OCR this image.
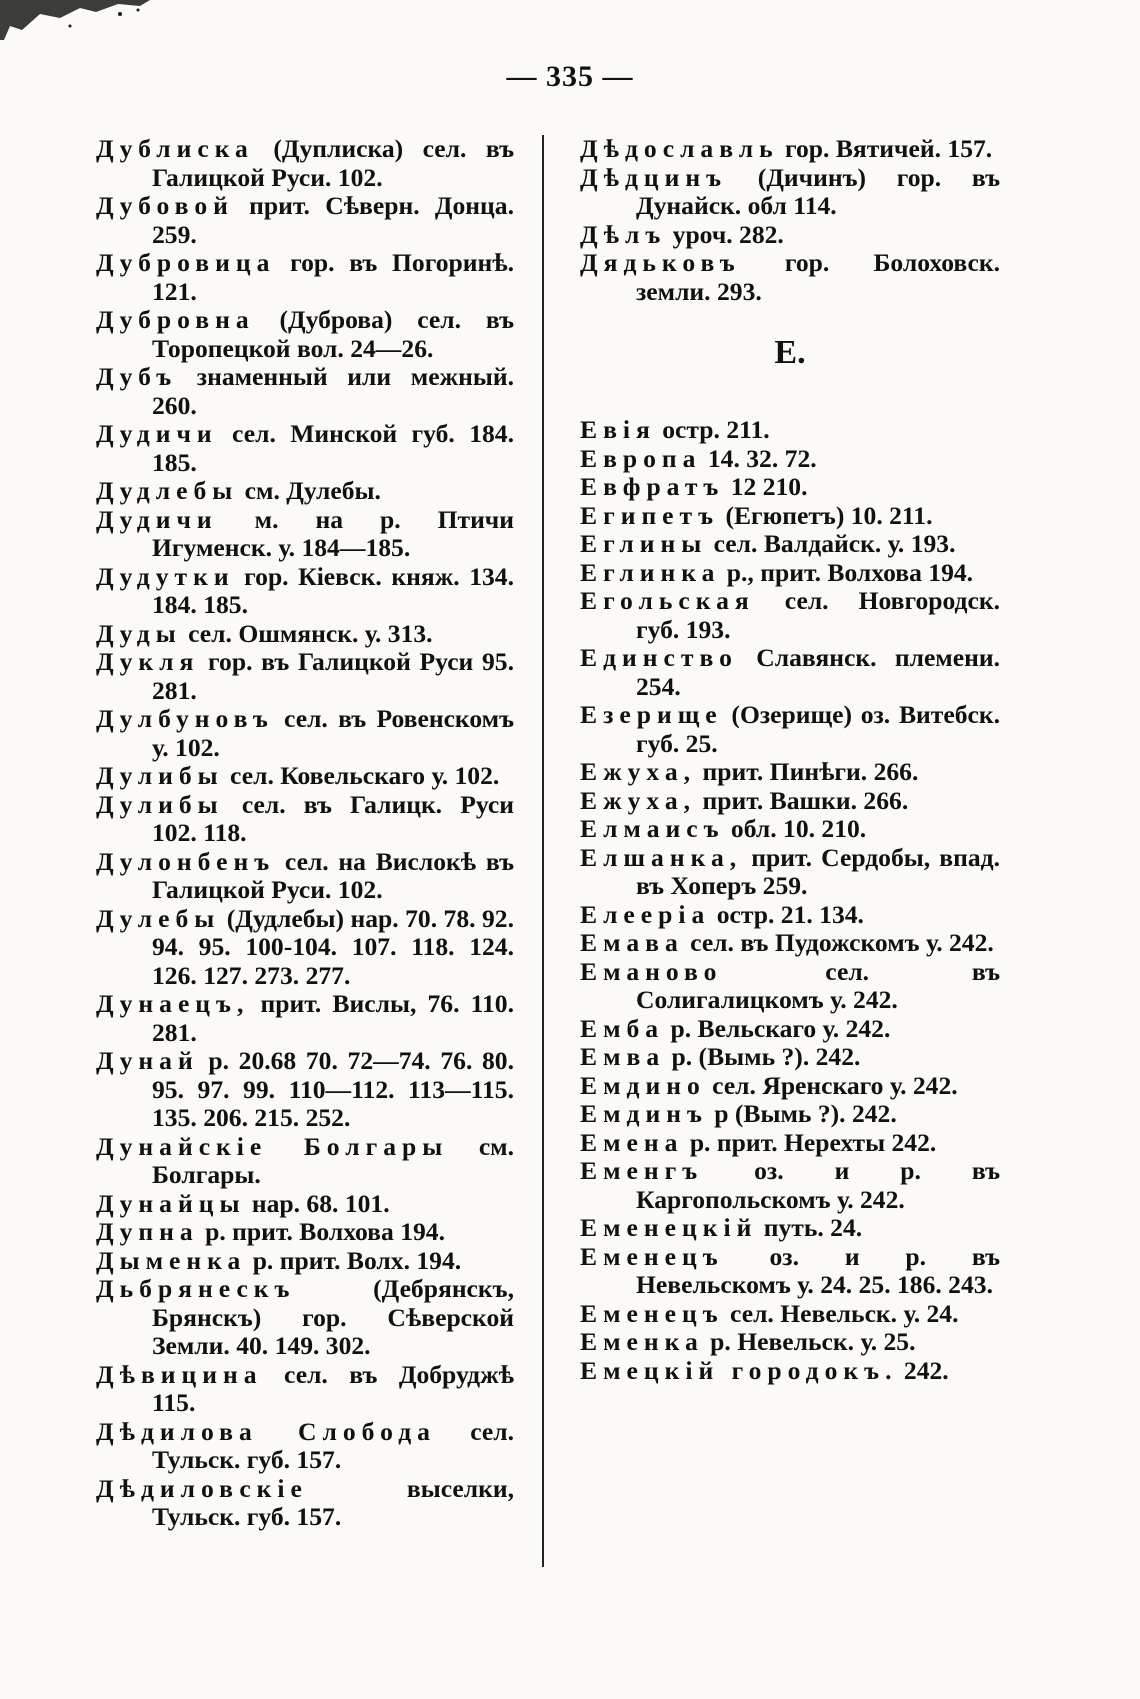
— 335 —

Дублиска (Дуплиска) сел. въ Галицкой Руси. 102.

Дубовой прит. Сѣверн. Донца. 259.

Дубровица гор. въ Погоринѣ. 121.

Дубровна (Дуброва) сел. въ Торопецкой вол. 24—26.

Дубъ знаменный или межный. 260.

Дудичи сел. Минской губ. 184. 185.

Дудлебы см. Дулебы.

Дудичи м. на р. Птичи Игуменск. у. 184—185.

Дудутки гор. Кіевск. княж. 134. 184. 185.

Дуды сел. Ошмянск. у. 313.

Дукля гор. въ Галицкой Руси 95. 281.

Дулбуновъ сел. въ Ровенскомъ у. 102.

Дулибы сел. Ковельскаго у. 102.

Дулибы сел. въ Галицк. Руси 102. 118.

Дулонбенъ сел. на Вислокѣ въ Галицкой Руси. 102.

Дулебы (Дудлебы) нар. 70. 78. 92. 94. 95. 100-104. 107. 118. 124. 126. 127. 273. 277.

Дунаецъ, прит. Вислы, 76. 110. 281.

Дунай р. 20.68 70. 72—74. 76. 80. 95. 97. 99. 110—112. 113—115. 135. 206. 215. 252.

Дунайскіе Болгары см. Болгары.

Дунайцы нар. 68. 101.

Дупна р. прит. Волхова 194.

Дыменка р. прит. Волх. 194.

Дьбрянескъ (Дебрянскъ, Брянскъ) гор. Сѣверской Земли. 40. 149. 302.

Дѣвицина сел. въ Добруджѣ 115.

Дѣдилова Слобода сел. Тульск. губ. 157.

Дѣдиловскіе выселки, Тульск. губ. 157.

Дѣдославль гор. Вятичей. 157.

Дѣдцинъ (Дичинъ) гор. въ Дунайск. обл 114.

Дѣлъ уроч. 282.

Дядьковъ гор. Болоховск. земли. 293.

Е.

Евія остр. 211.

Европа 14. 32. 72.

Евфратъ 12 210.

Египетъ (Егюпетъ) 10. 211.

Еглины сел. Валдайск. у. 193.

Еглинка р., прит. Волхова 194.

Егольская сел. Новгородск. губ. 193.

Единство Славянск. племени. 254.

Езерище (Озерище) оз. Витебск. губ. 25.

Ежуха, прит. Пинѣги. 266.

Ежуха, прит. Вашки. 266.

Елмаисъ обл. 10. 210.

Елшанка, прит. Сердобы, впад. въ Хоперъ 259.

Елееріа остр. 21. 134.

Емава сел. въ Пудожскомъ у. 242.

Еманово сел. въ Солигалицкомъ у. 242.

Емба р. Вельскаго у. 242.

Емва р. (Вымь ?). 242.

Емдино сел. Яренскаго у. 242.

Емдинъ р (Вымь ?). 242.

Емена р. прит. Нерехты 242.

Еменгъ оз. и р. въ Каргопольскомъ у. 242.

Еменецкій путь. 24.

Еменецъ оз. и р. въ Невельскомъ у. 24. 25. 186. 243.

Еменецъ сел. Невельск. у. 24.

Еменка р. Невельск. у. 25.

Емецкій городокъ. 242.
